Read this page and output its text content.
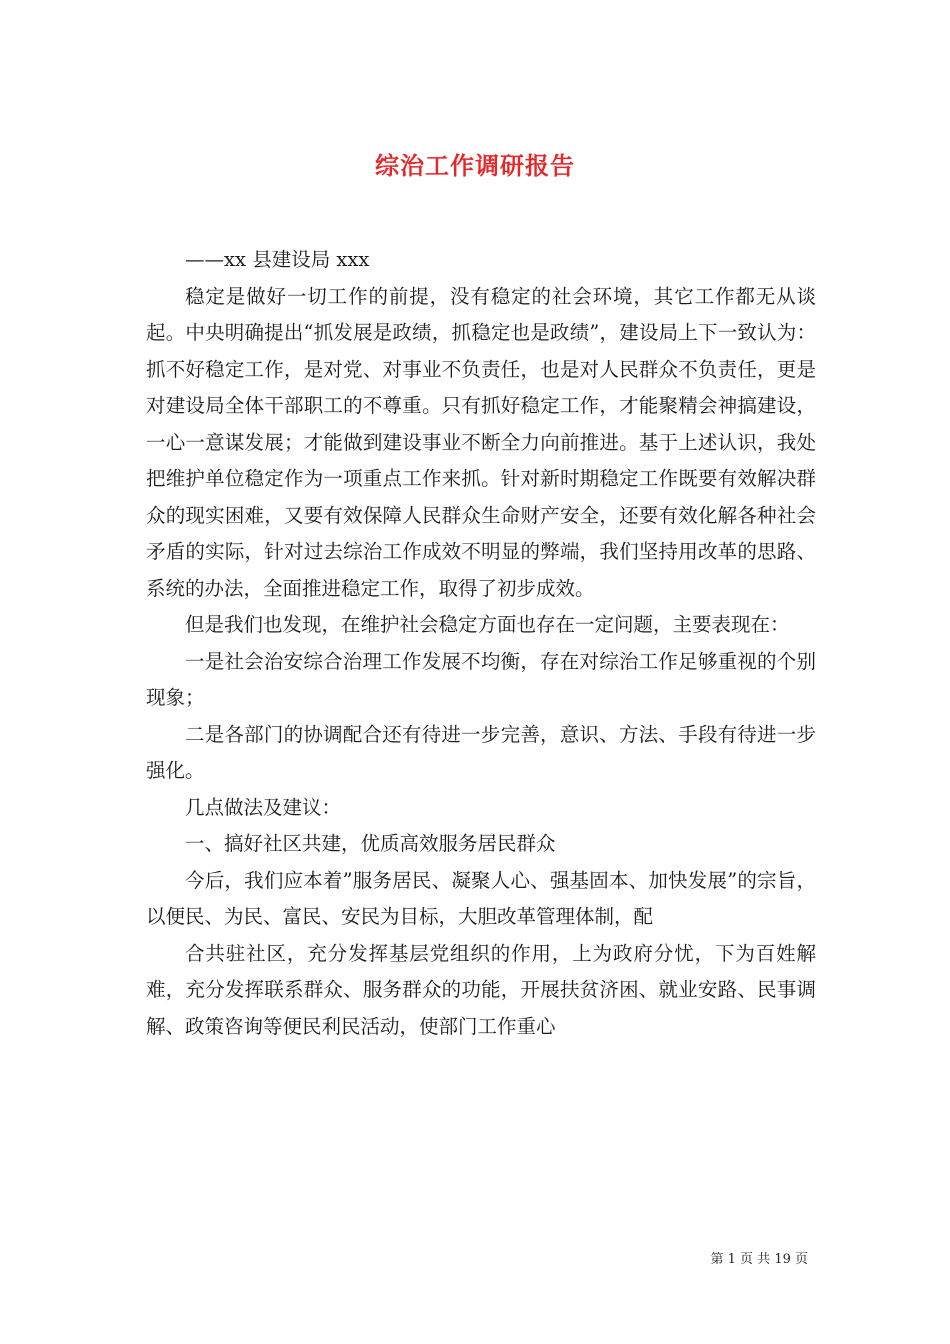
综治工作调研报告

——xx 县建设局 xxx

稳定是做好一切工作的前提，没有稳定的社会环境，其它工作都无从谈起。中央明确提出“抓发展是政绩，抓稳定也是政绩”，建设局上下一致认为：抓不好稳定工作，是对党、对事业不负责任，也是对人民群众不负责任，更是对建设局全体干部职工的不尊重。只有抓好稳定工作，才能聚精会神搞建设，一心一意谋发展；才能做到建设事业不断全力向前推进。基于上述认识，我处把维护单位稳定作为一项重点工作来抓。针对新时期稳定工作既要有效解决群众的现实困难，又要有效保障人民群众生命财产安全，还要有效化解各种社会矛盾的实际，针对过去综治工作成效不明显的弊端，我们坚持用改革的思路、系统的办法，全面推进稳定工作，取得了初步成效。

但是我们也发现，在维护社会稳定方面也存在一定问题，主要表现在：

一是社会治安综合治理工作发展不均衡，存在对综治工作足够重视的个别现象；

二是各部门的协调配合还有待进一步完善，意识、方法、手段有待进一步强化。

几点做法及建议：

一、搞好社区共建，优质高效服务居民群众

今后，我们应本着”服务居民、凝聚人心、强基固本、加快发展”的宗旨，以便民、为民、富民、安民为目标，大胆改革管理体制，配

合共驻社区，充分发挥基层党组织的作用，上为政府分忧，下为百姓解难，充分发挥联系群众、服务群众的功能，开展扶贫济困、就业安路、民事调解、政策咨询等便民利民活动，使部门工作重心

第 1 页 共 19 页
